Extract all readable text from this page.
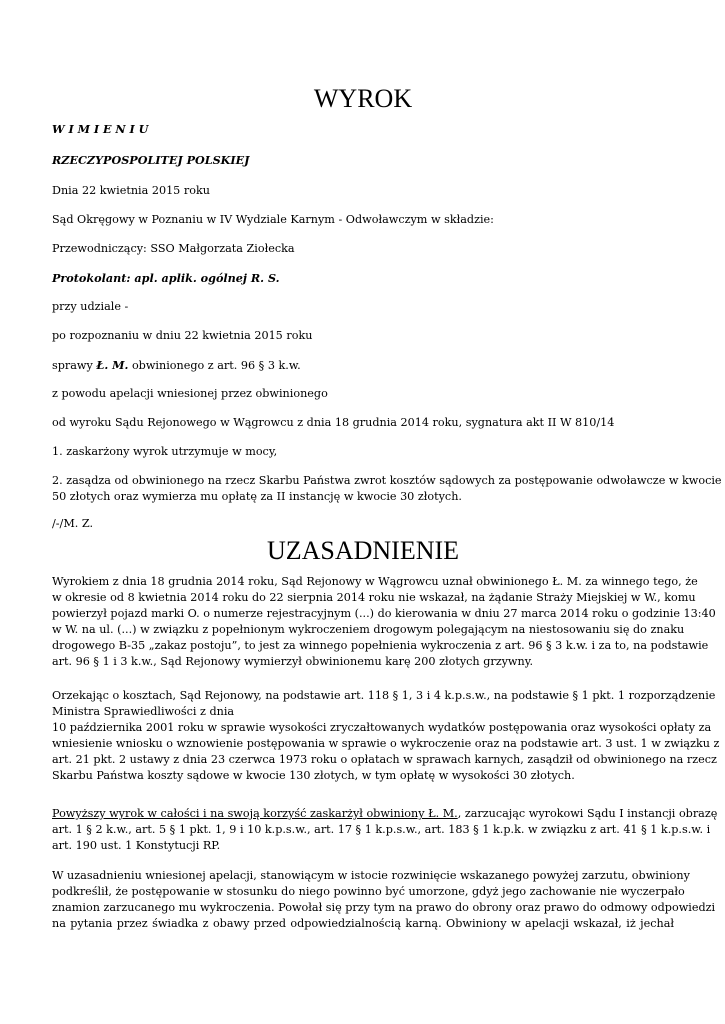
WYROK
W I M I E N I U
RZECZYPOSPOLITEJ POLSKIEJ
Dnia 22 kwietnia 2015 roku
Sąd Okręgowy w Poznaniu w IV Wydziale Karnym - Odwoławczym w składzie:
Przewodniczący: SSO Małgorzata Ziołecka
Protokolant: apl. aplik. ogólnej R. S.
przy udziale -
po rozpoznaniu w dniu 22 kwietnia 2015 roku
sprawy Ł. M. obwinionego z art. 96 § 3 k.w.
z powodu apelacji wniesionej przez obwinionego
od wyroku Sądu Rejonowego w Wągrowcu z dnia 18 grudnia 2014 roku, sygnatura akt II W 810/14
1. zaskarżony wyrok utrzymuje w mocy,
2. zasądza od obwinionego na rzecz Skarbu Państwa zwrot kosztów sądowych za postępowanie odwoławcze w kwocie
50 złotych oraz wymierza mu opłatę za II instancję w kwocie 30 złotych.
/-/M. Z.
UZASADNIENIE
Wyrokiem z dnia 18 grudnia 2014 roku, Sąd Rejonowy w Wągrowcu uznał obwinionego Ł. M. za winnego tego, że
w okresie od 8 kwietnia 2014 roku do 22 sierpnia 2014 roku nie wskazał, na żądanie Straży Miejskiej w W., komu
powierzył pojazd marki O. o numerze rejestracyjnym (...) do kierowania w dniu 27 marca 2014 roku o godzinie 13:40
w W. na ul. (...) w związku z popełnionym wykroczeniem drogowym polegającym na niestosowaniu się do znaku
drogowego B-35 „zakaz postoju”, to jest za winnego popełnienia wykroczenia z art. 96 § 3 k.w. i za to, na podstawie
art. 96 § 1 i 3 k.w., Sąd Rejonowy wymierzył obwinionemu karę 200 złotych grzywny.
Orzekając o kosztach, Sąd Rejonowy, na podstawie art. 118 § 1, 3 i 4 k.p.s.w., na podstawie § 1 pkt. 1 rozporządzenie
Ministra Sprawiedliwości z dnia
10 października 2001 roku w sprawie wysokości zryczałtowanych wydatków postępowania oraz wysokości opłaty za
wniesienie wniosku o wznowienie postępowania w sprawie o wykroczenie oraz na podstawie art. 3 ust. 1 w związku z
art. 21 pkt. 2 ustawy z dnia 23 czerwca 1973 roku o opłatach w sprawach karnych, zasądził od obwinionego na rzecz
Skarbu Państwa koszty sądowe w kwocie 130 złotych, w tym opłatę w wysokości 30 złotych.
Powyższy wyrok w całości i na swoją korzyść zaskarżył obwiniony Ł. M., zarzucając wyrokowi Sądu I instancji obrazę
art. 1 § 2 k.w., art. 5 § 1 pkt. 1, 9 i 10 k.p.s.w., art. 17 § 1 k.p.s.w., art. 183 § 1 k.p.k. w związku z art. 41 § 1 k.p.s.w. i
art. 190 ust. 1 Konstytucji RP.
W uzasadnieniu wniesionej apelacji, stanowiącym w istocie rozwinięcie wskazanego powyżej zarzutu, obwiniony
podkreślił, że postępowanie w stosunku do niego powinno być umorzone, gdyż jego zachowanie nie wyczerpało
znamion zarzucanego mu wykroczenia. Powołał się przy tym na prawo do obrony oraz prawo do odmowy odpowiedzi
na pytania przez świadka z obawy przed odpowiedzialnością karną. Obwiniony w apelacji wskazał, iż jechał
